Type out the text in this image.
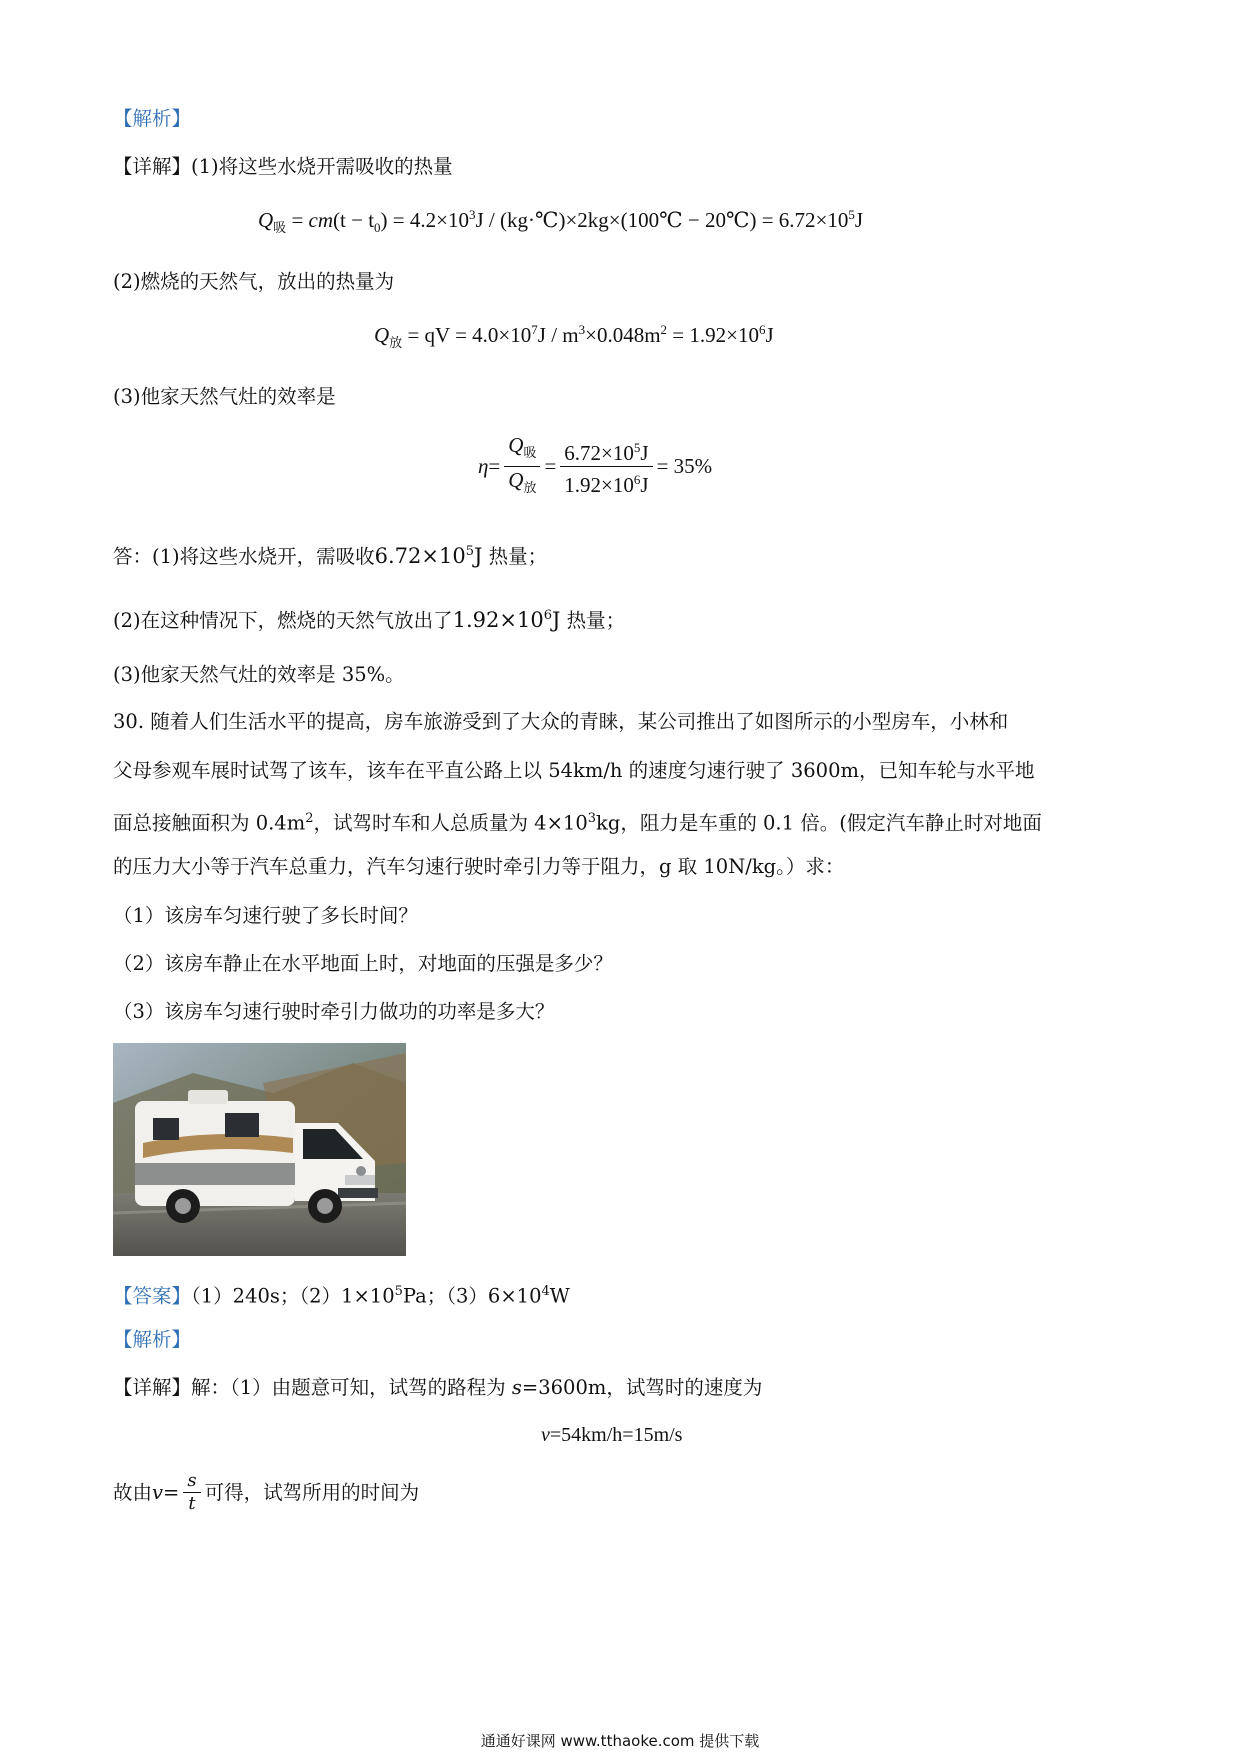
【解析】
【详解】(1)将这些水烧开需吸收的热量
$Q_吸 = cm(t - t_0) = 4.2\times 10^3J$ / (kg·℃)×2kg×(100℃ − 20℃) = $6.72\times 10^5J$
(2)燃烧的天然气，放出的热量为
$Q_放$ = qV = $4.0\times 10^7J / m^3\times 0.048m^2 = 1.92\times 10^6J$
(3)他家天然气灶的效率是
$\eta = \frac{Q_吸}{Q_放} = \frac{6.72\times 10^5J}{1.92\times 10^6J} = 35\%$
答：(1)将这些水烧开，需吸收$6.72\times 10^5J$ 热量；
(2)在这种情况下，燃烧的天然气放出了$1.92\times 10^6J$ 热量；
(3)他家天然气灶的效率是 35%。
30. 随着人们生活水平的提高，房车旅游受到了大众的青睐，某公司推出了如图所示的小型房车，小林和
父母参观车展时试驾了该车，该车在平直公路上以 54km/h 的速度匀速行驶了 3600m，已知车轮与水平地
面总接触面积为 $0.4m^2$，试驾时车和人总质量为 $4\times 10^3kg$，阻力是车重的 0.1 倍。(假定汽车静止时对地面
的压力大小等于汽车总重力，汽车匀速行驶时牵引力等于阻力，g 取 10N/kg。）求：
（1）该房车匀速行驶了多长时间？
（2）该房车静止在水平地面上时，对地面的压强是多少？
（3）该房车匀速行驶时牵引力做功的功率是多大？
【答案】（1）240s；$(2)1\times 10^5Pa$；$(3)6\times 10^4W$
【解析】
【详解】解：（1）由题意可知，试驾的路程为 s=3600m，试驾时的速度为
v=54km/h=15m/s
故由 $v = \frac{s}{t}$ 可得，试驾所用的时间为
通通好课网 www.tthaoke.com 提供下载
